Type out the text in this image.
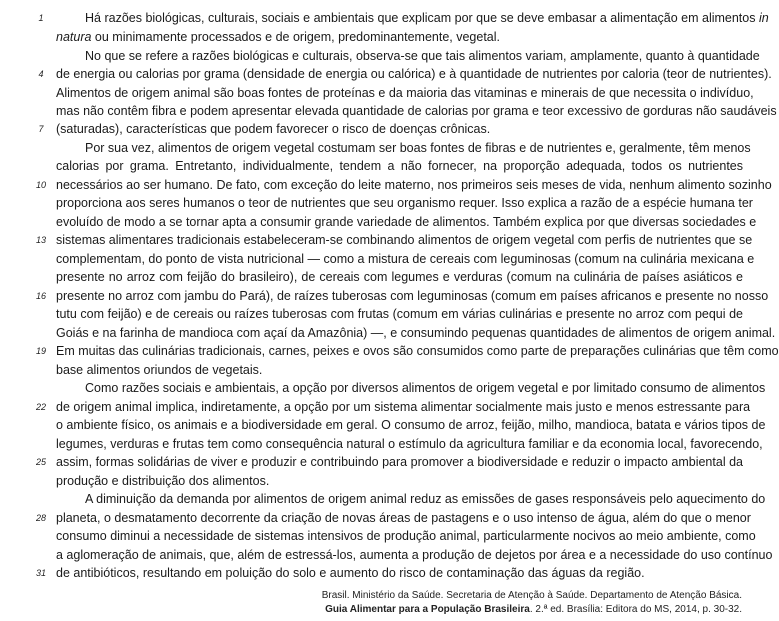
Há razões biológicas, culturais, sociais e ambientais que explicam por que se deve embasar a alimentação em alimentos in
natura ou minimamente processados e de origem, predominantemente, vegetal.
No que se refere a razões biológicas e culturais, observa-se que tais alimentos variam, amplamente, quanto à quantidade
de energia ou calorias por grama (densidade de energia ou calórica) e à quantidade de nutrientes por caloria (teor de nutrientes).
Alimentos de origem animal são boas fontes de proteínas e da maioria das vitaminas e minerais de que necessita o indivíduo,
mas não contêm fibra e podem apresentar elevada quantidade de calorias por grama e teor excessivo de gorduras não saudáveis
(saturadas), características que podem favorecer o risco de doenças crônicas.
Por sua vez, alimentos de origem vegetal costumam ser boas fontes de fibras e de nutrientes e, geralmente, têm menos
calorias por grama. Entretanto, individualmente, tendem a não fornecer, na proporção adequada, todos os nutrientes
necessários ao ser humano. De fato, com exceção do leite materno, nos primeiros seis meses de vida, nenhum alimento sozinho
proporciona aos seres humanos o teor de nutrientes que seu organismo requer. Isso explica a razão de a espécie humana ter
evoluído de modo a se tornar apta a consumir grande variedade de alimentos. Também explica por que diversas sociedades e
sistemas alimentares tradicionais estabeleceram-se combinando alimentos de origem vegetal com perfis de nutrientes que se
complementam, do ponto de vista nutricional — como a mistura de cereais com leguminosas (comum na culinária mexicana e
presente no arroz com feijão do brasileiro), de cereais com legumes e verduras (comum na culinária de países asiáticos e
presente no arroz com jambu do Pará), de raízes tuberosas com leguminosas (comum em países africanos e presente no nosso
tutu com feijão) e de cereais ou raízes tuberosas com frutas (comum em várias culinárias e presente no arroz com pequi de
Goiás e na farinha de mandioca com açaí da Amazônia) —, e consumindo pequenas quantidades de alimentos de origem animal.
Em muitas das culinárias tradicionais, carnes, peixes e ovos são consumidos como parte de preparações culinárias que têm como
base alimentos oriundos de vegetais.
Como razões sociais e ambientais, a opção por diversos alimentos de origem vegetal e por limitado consumo de alimentos
de origem animal implica, indiretamente, a opção por um sistema alimentar socialmente mais justo e menos estressante para
o ambiente físico, os animais e a biodiversidade em geral. O consumo de arroz, feijão, milho, mandioca, batata e vários tipos de
legumes, verduras e frutas tem como consequência natural o estímulo da agricultura familiar e da economia local, favorecendo,
assim, formas solidárias de viver e produzir e contribuindo para promover a biodiversidade e reduzir o impacto ambiental da
produção e distribuição dos alimentos.
A diminuição da demanda por alimentos de origem animal reduz as emissões de gases responsáveis pelo aquecimento do
planeta, o desmatamento decorrente da criação de novas áreas de pastagens e o uso intenso de água, além do que o menor
consumo diminui a necessidade de sistemas intensivos de produção animal, particularmente nocivos ao meio ambiente, como
a aglomeração de animais, que, além de estressá-los, aumenta a produção de dejetos por área e a necessidade do uso contínuo
de antibióticos, resultando em poluição do solo e aumento do risco de contaminação das águas da região.
1
4
7
10
13
16
19
22
25
28
31
Brasil. Ministério da Saúde. Secretaria de Atenção à Saúde. Departamento de Atenção Básica.
Guia Alimentar para a População Brasileira. 2.ª ed. Brasília: Editora do MS, 2014, p. 30-32.
